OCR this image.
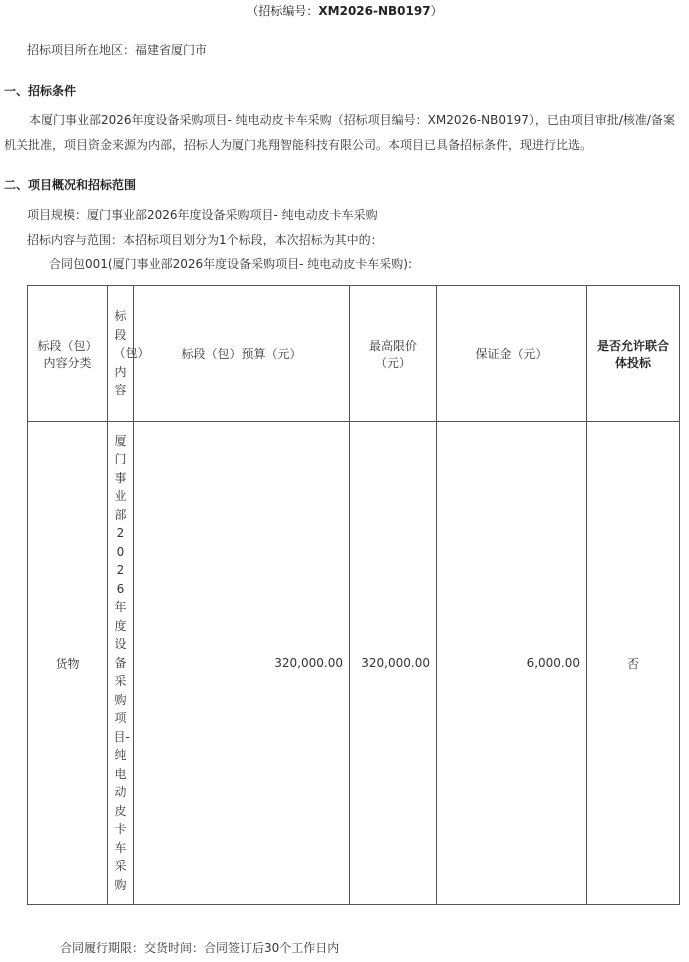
（招标编号：XM2026-NB0197）
招标项目所在地区：福建省厦门市
一、招标条件
本厦门事业部2026年度设备采购项目- 纯电动皮卡车采购（招标项目编号：XM2026-NB0197），已由项目审批/核准/备案
机关批准，项目资金来源为内部，招标人为厦门兆翔智能科技有限公司。本项目已具备招标条件，现进行比选。
二、项目概况和招标范围
项目规模：厦门事业部2026年度设备采购项目- 纯电动皮卡车采购
招标内容与范围：本招标项目划分为1个标段，本次招标为其中的：
合同包001(厦门事业部2026年度设备采购项目- 纯电动皮卡车采购):
标段（包）内容分类	标段（包）内容	标段（包）预算（元）	最高限价（元）	保证金（元）	是否允许联合体投标
货物	厦门事业部2026年度设备采购项目-纯电动皮卡车采购	320,000.00	320,000.00	6,000.00	否
合同履行期限：交货时间：合同签订后30个工作日内
